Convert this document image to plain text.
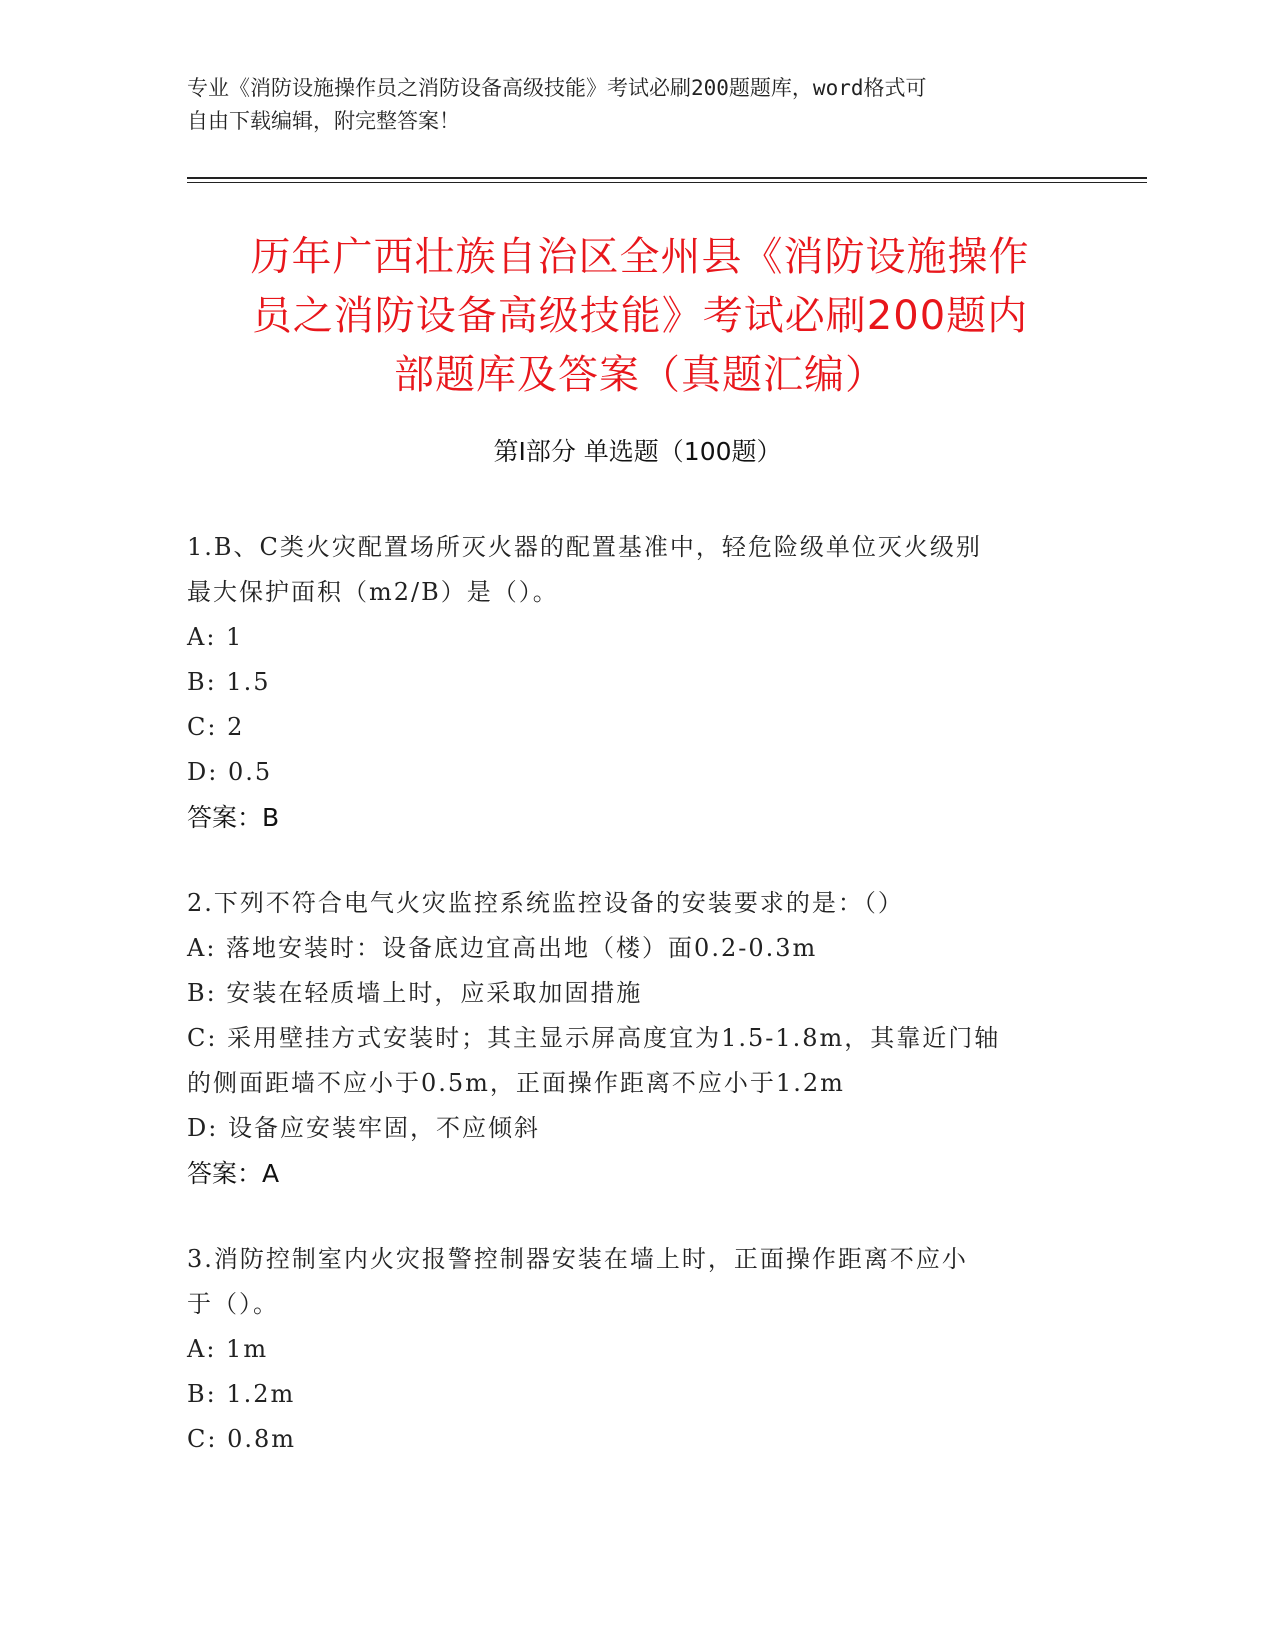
专业《消防设施操作员之消防设备高级技能》考试必刷200题题库，word格式可
自由下载编辑，附完整答案！
历年广西壮族自治区全州县《消防设施操作
员之消防设备高级技能》考试必刷200题内
部题库及答案（真题汇编）
第Ⅰ部分 单选题（100题）
1.B、C类火灾配置场所灭火器的配置基准中，轻危险级单位灭火级别
最大保护面积（m2/B）是（）。
A: 1
B: 1.5
C: 2
D: 0.5
答案：B
2.下列不符合电气火灾监控系统监控设备的安装要求的是：（）
A: 落地安装时：设备底边宜高出地（楼）面0.2-0.3m
B: 安装在轻质墙上时，应采取加固措施
C: 采用壁挂方式安装时；其主显示屏高度宜为1.5-1.8m，其靠近门轴
的侧面距墙不应小于0.5m，正面操作距离不应小于1.2m
D: 设备应安装牢固，不应倾斜
答案：A
3.消防控制室内火灾报警控制器安装在墙上时，正面操作距离不应小
于（）。
A: 1m
B: 1.2m
C: 0.8m
